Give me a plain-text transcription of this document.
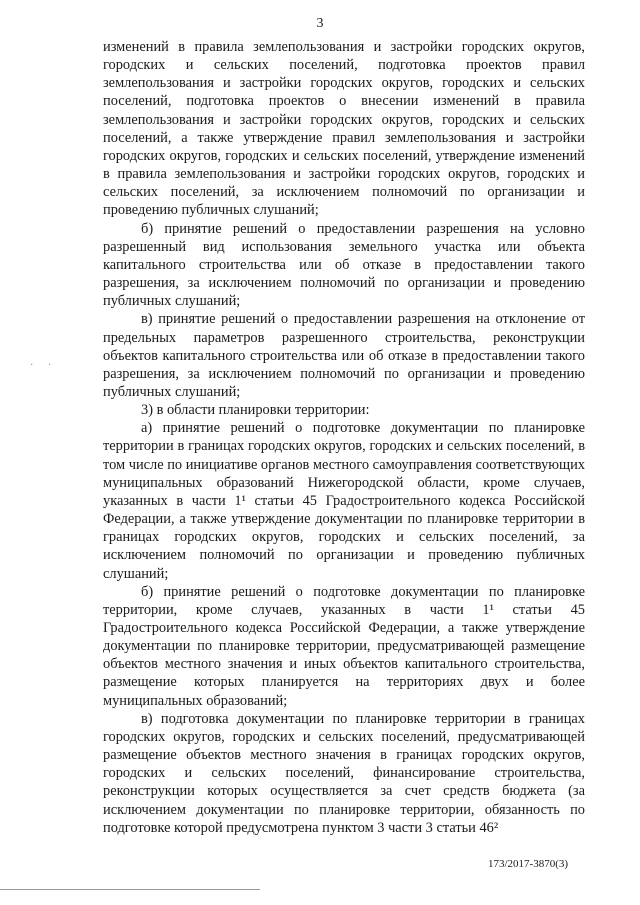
3
· ·

изменений в правила землепользования и застройки городских округов, городских и сельских поселений, подготовка проектов правил землепользования и застройки городских округов, городских и сельских поселений, подготовка проектов о внесении изменений в правила землепользования и застройки городских округов, городских и сельских поселений, а также утверждение правил землепользования и застройки городских округов, городских и сельских поселений, утверждение изменений в правила землепользования и застройки городских округов, городских и сельских поселений, за исключением полномочий по организации и проведению публичных слушаний;

б) принятие решений о предоставлении разрешения на условно разрешенный вид использования земельного участка или объекта капитального строительства или об отказе в предоставлении такого разрешения, за исключением полномочий по организации и проведению публичных слушаний;

в) принятие решений о предоставлении разрешения на отклонение от предельных параметров разрешенного строительства, реконструкции объектов капитального строительства или об отказе в предоставлении такого разрешения, за исключением полномочий по организации и проведению публичных слушаний;

3) в области планировки территории:

а) принятие решений о подготовке документации по планировке территории в границах городских округов, городских и сельских поселений, в том числе по инициативе органов местного самоуправления соответствующих муниципальных образований Нижегородской области, кроме случаев, указанных в части 1¹ статьи 45 Градостроительного кодекса Российской Федерации, а также утверждение документации по планировке территории в границах городских округов, городских и сельских поселений, за исключением полномочий по организации и проведению публичных слушаний;

б) принятие решений о подготовке документации по планировке территории, кроме случаев, указанных в части 1¹ статьи 45 Градостроительного кодекса Российской Федерации, а также утверждение документации по планировке территории, предусматривающей размещение объектов местного значения и иных объектов капитального строительства, размещение которых планируется на территориях двух и более муниципальных образований;

в) подготовка документации по планировке территории в границах городских округов, городских и сельских поселений, предусматривающей размещение объектов местного значения в границах городских округов, городских и сельских поселений, финансирование строительства, реконструкции которых осуществляется за счет средств бюджета (за исключением документации по планировке территории, обязанность по подготовке которой предусмотрена пунктом 3 части 3 статьи 46²

173/2017-3870(3)
